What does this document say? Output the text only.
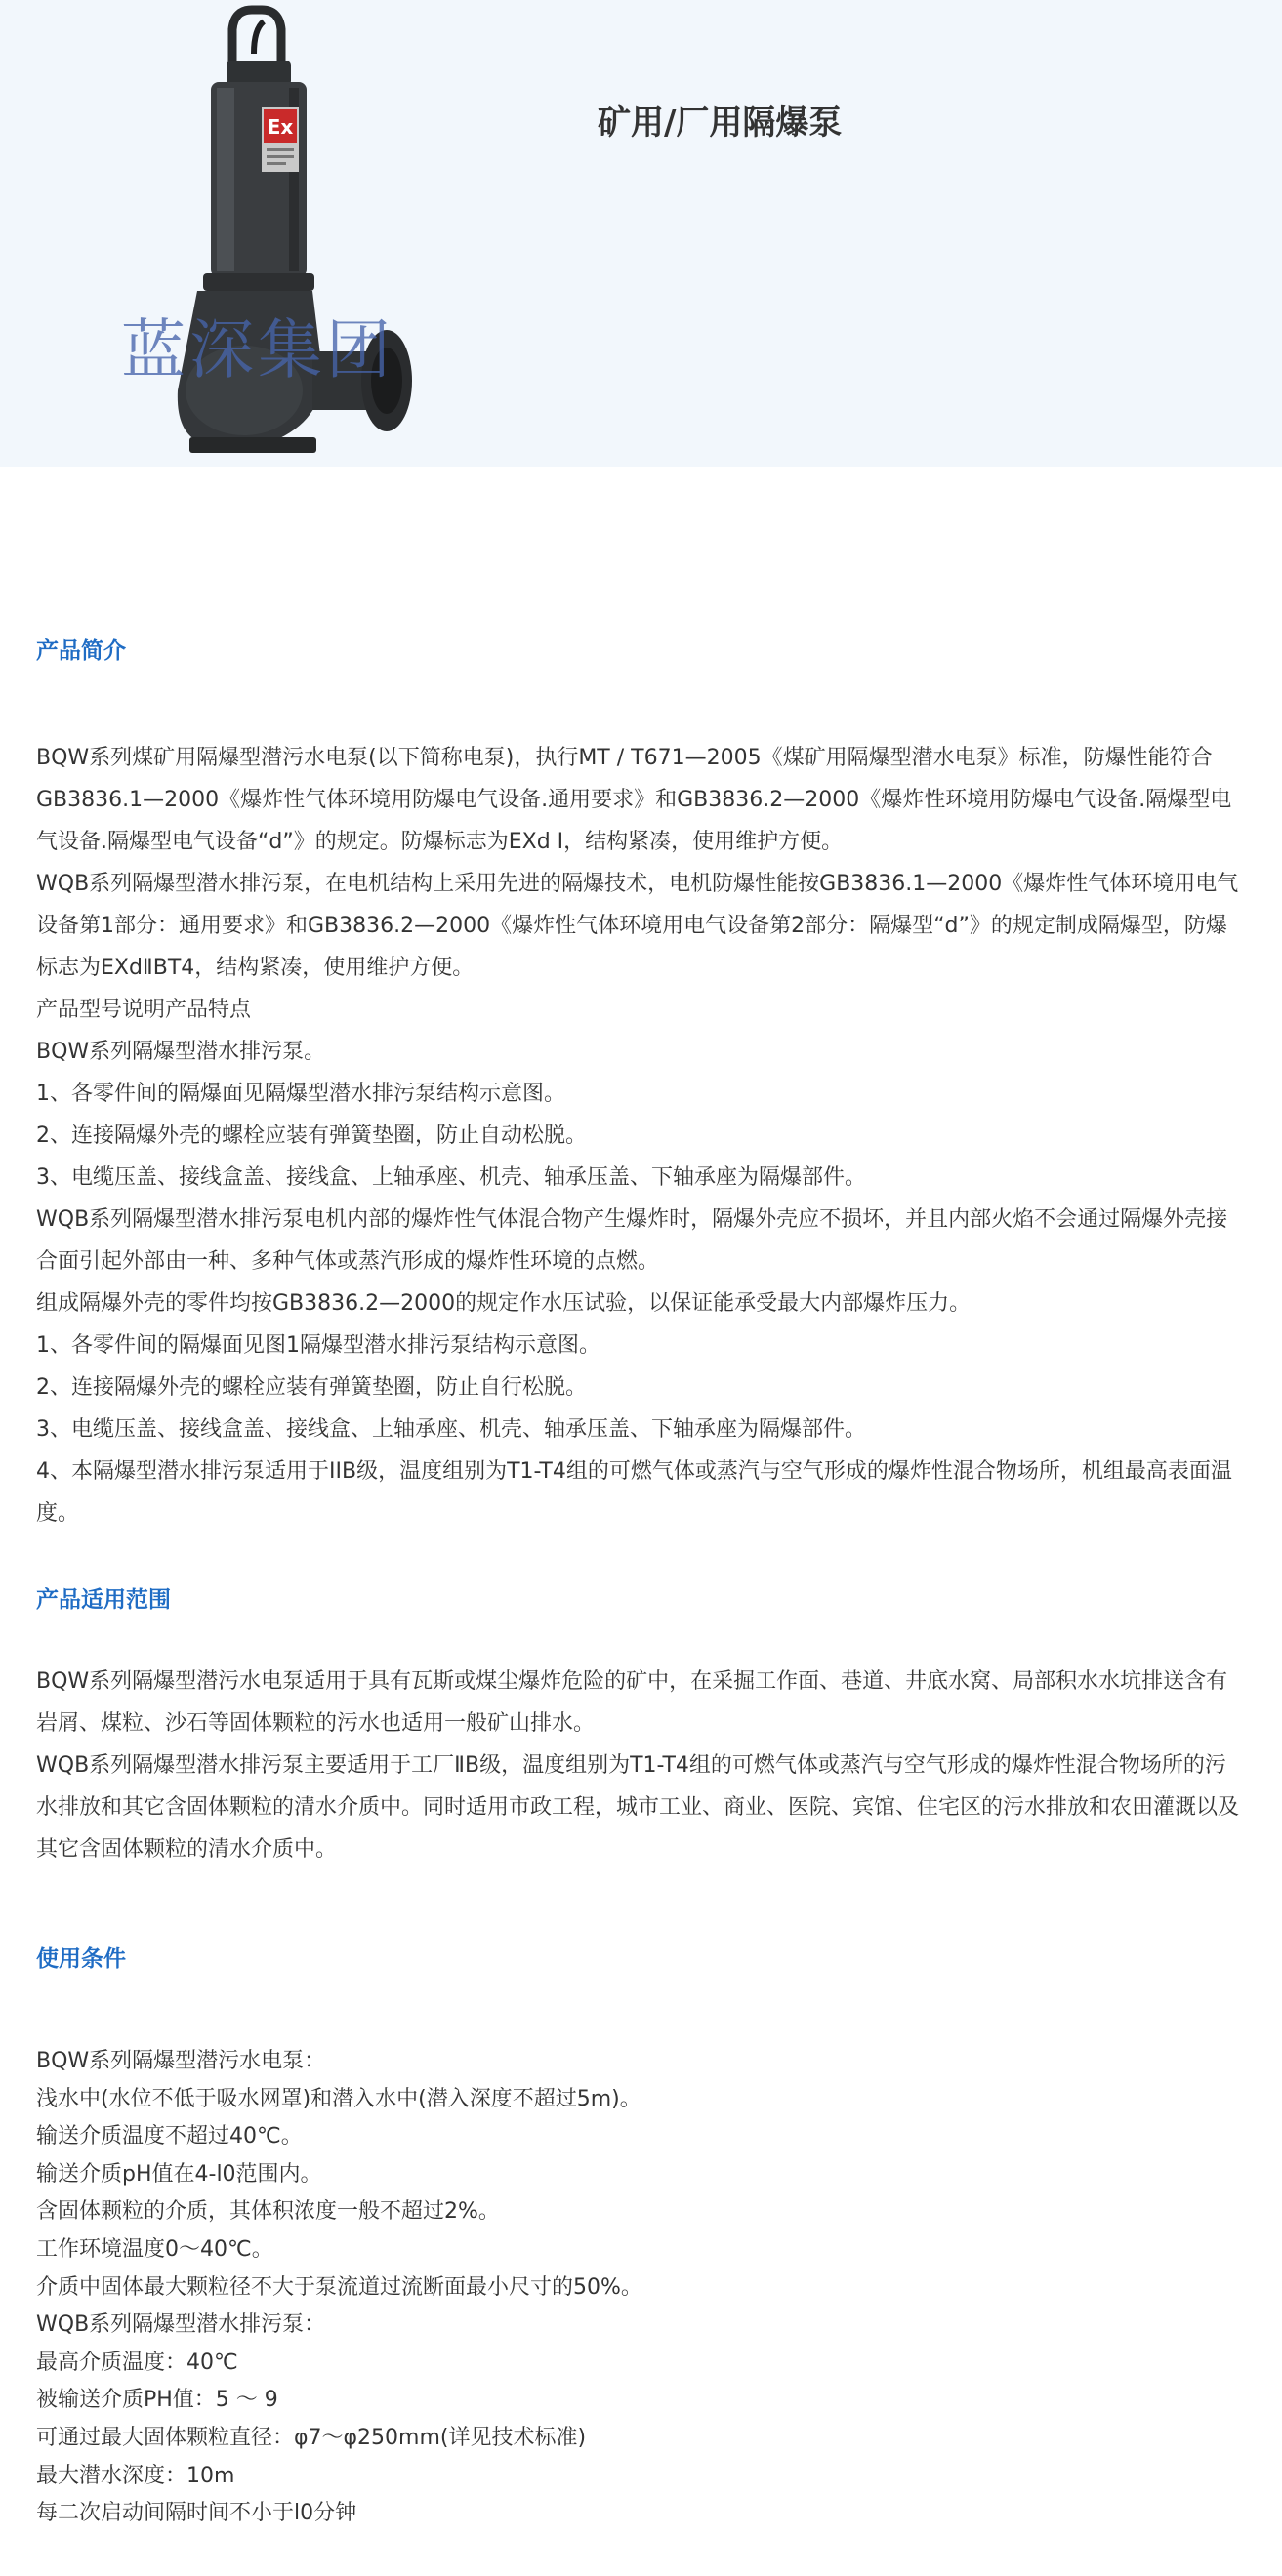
Ex
蓝深集团
矿用/厂用隔爆泵
产品简介

BQW系列煤矿用隔爆型潜污水电泵(以下简称电泵)，执行MT / T671—2005《煤矿用隔爆型潜水电泵》标准，防爆性能符合GB3836.1—2000《爆炸性气体环境用防爆电气设备.通用要求》和GB3836.2—2000《爆炸性环境用防爆电气设备.隔爆型电气设备.隔爆型电气设备“d”》的规定。防爆标志为EXd I，结构紧凑，使用维护方便。

WQB系列隔爆型潜水排污泵，在电机结构上采用先进的隔爆技术，电机防爆性能按GB3836.1—2000《爆炸性气体环境用电气设备第1部分：通用要求》和GB3836.2—2000《爆炸性气体环境用电气设备第2部分：隔爆型“d”》的规定制成隔爆型，防爆标志为EXdⅡBT4，结构紧凑，使用维护方便。

产品型号说明产品特点

BQW系列隔爆型潜水排污泵。

1、各零件间的隔爆面见隔爆型潜水排污泵结构示意图。

2、连接隔爆外壳的螺栓应装有弹簧垫圈，防止自动松脱。

3、电缆压盖、接线盒盖、接线盒、上轴承座、机壳、轴承压盖、下轴承座为隔爆部件。

WQB系列隔爆型潜水排污泵电机内部的爆炸性气体混合物产生爆炸时，隔爆外壳应不损坏，并且内部火焰不会通过隔爆外壳接合面引起外部由一种、多种气体或蒸汽形成的爆炸性环境的点燃。

组成隔爆外壳的零件均按GB3836.2—2000的规定作水压试验，以保证能承受最大内部爆炸压力。

1、各零件间的隔爆面见图1隔爆型潜水排污泵结构示意图。

2、连接隔爆外壳的螺栓应装有弹簧垫圈，防止自行松脱。

3、电缆压盖、接线盒盖、接线盒、上轴承座、机壳、轴承压盖、下轴承座为隔爆部件。

4、本隔爆型潜水排污泵适用于IIB级，温度组别为T1-T4组的可燃气体或蒸汽与空气形成的爆炸性混合物场所，机组最高表面温度。

产品适用范围

BQW系列隔爆型潜污水电泵适用于具有瓦斯或煤尘爆炸危险的矿中，在采掘工作面、巷道、井底水窝、局部积水水坑排送含有岩屑、煤粒、沙石等固体颗粒的污水也适用一般矿山排水。

WQB系列隔爆型潜水排污泵主要适用于工厂ⅡB级，温度组别为T1-T4组的可燃气体或蒸汽与空气形成的爆炸性混合物场所的污水排放和其它含固体颗粒的清水介质中。同时适用市政工程，城市工业、商业、医院、宾馆、住宅区的污水排放和农田灌溉以及其它含固体颗粒的清水介质中。

使用条件

BQW系列隔爆型潜污水电泵：

浅水中(水位不低于吸水网罩)和潜入水中(潜入深度不超过5m)。

输送介质温度不超过40℃。

输送介质pH值在4-l0范围内。

含固体颗粒的介质，其体积浓度一般不超过2%。

工作环境温度0～40℃。

介质中固体最大颗粒径不大于泵流道过流断面最小尺寸的50%。

WQB系列隔爆型潜水排污泵：

最高介质温度：40℃

被输送介质PH值：5 ～ 9

可通过最大固体颗粒直径：φ7～φ250mm(详见技术标准)

最大潜水深度：10m

每二次启动间隔时间不小于l0分钟
